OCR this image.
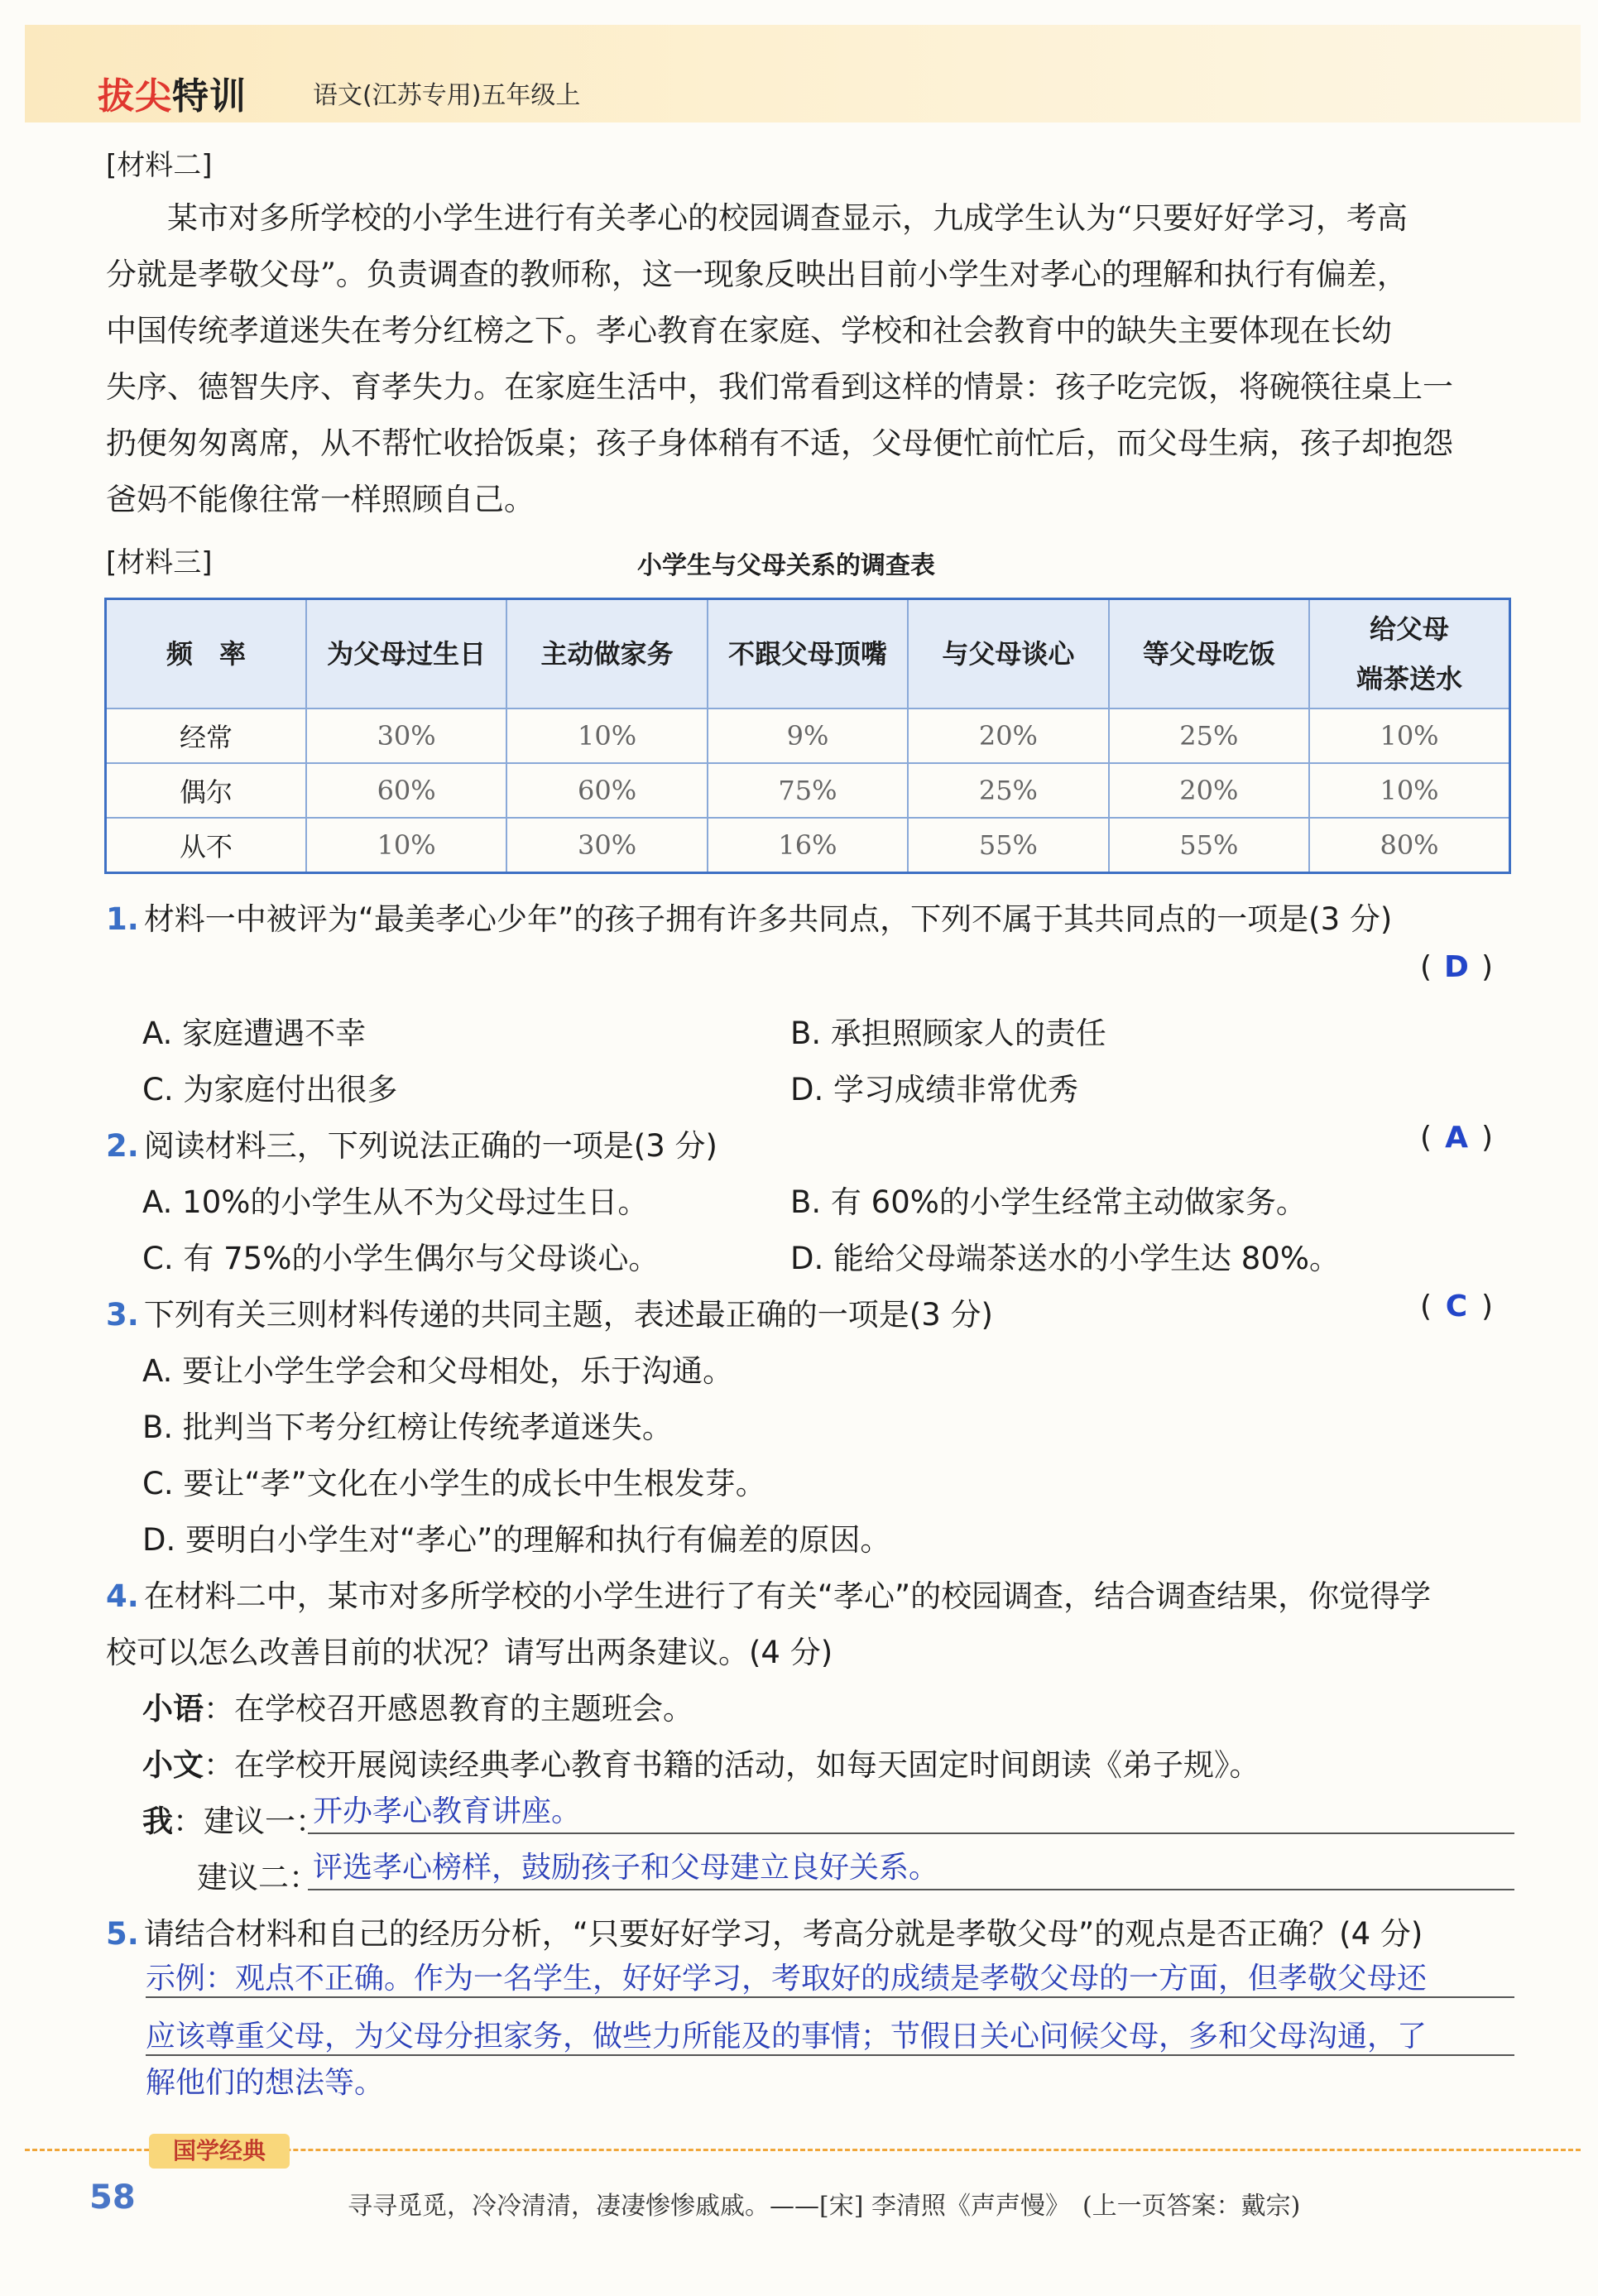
拔尖特训	语文(江苏专用)五年级上
[材料二]
　　某市对多所学校的小学生进行有关孝心的校园调查显示，九成学生认为“只要好好学习，考高
分就是孝敬父母”。负责调查的教师称，这一现象反映出目前小学生对孝心的理解和执行有偏差，
中国传统孝道迷失在考分红榜之下。孝心教育在家庭、学校和社会教育中的缺失主要体现在长幼
失序、德智失序、育孝失力。在家庭生活中，我们常看到这样的情景：孩子吃完饭，将碗筷往桌上一
扔便匆匆离席，从不帮忙收拾饭桌；孩子身体稍有不适，父母便忙前忙后，而父母生病，孩子却抱怨
爸妈不能像往常一样照顾自己。
[材料三]	小学生与父母关系的调查表
频　率	为父母过生日	主动做家务	不跟父母顶嘴	与父母谈心	等父母吃饭	给父母
端茶送水
经常	30%	10%	9%	20%	25%	10%
偶尔	60%	60%	75%	25%	20%	10%
从不	10%	30%	16%	55%	55%	80%
1. 材料一中被评为“最美孝心少年”的孩子拥有许多共同点，下列不属于其共同点的一项是(3 分)
( D )
A. 家庭遭遇不幸	B. 承担照顾家人的责任
C. 为家庭付出很多	D. 学习成绩非常优秀
2. 阅读材料三，下列说法正确的一项是(3 分)	( A )
A. 10%的小学生从不为父母过生日。	B. 有 60%的小学生经常主动做家务。
C. 有 75%的小学生偶尔与父母谈心。	D. 能给父母端茶送水的小学生达 80%。
3. 下列有关三则材料传递的共同主题，表述最正确的一项是(3 分)	( C )
A. 要让小学生学会和父母相处，乐于沟通。
B. 批判当下考分红榜让传统孝道迷失。
C. 要让“孝”文化在小学生的成长中生根发芽。
D. 要明白小学生对“孝心”的理解和执行有偏差的原因。
4. 在材料二中，某市对多所学校的小学生进行了有关“孝心”的校园调查，结合调查结果，你觉得学
校可以怎么改善目前的状况？请写出两条建议。(4 分)
小语：在学校召开感恩教育的主题班会。
小文：在学校开展阅读经典孝心教育书籍的活动，如每天固定时间朗读《弟子规》。
我：建议一：
开办孝心教育讲座。
建议二：
评选孝心榜样，鼓励孩子和父母建立良好关系。
5. 请结合材料和自己的经历分析，“只要好好学习，考高分就是孝敬父母”的观点是否正确？(4 分)
示例：观点不正确。作为一名学生，好好学习，考取好的成绩是孝敬父母的一方面，但孝敬父母还
应该尊重父母，为父母分担家务，做些力所能及的事情；节假日关心问候父母，多和父母沟通，了
解他们的想法等。
国学经典
58	寻寻觅觅，冷冷清清，凄凄惨惨戚戚。——[宋] 李清照《声声慢》　(上一页答案：戴宗)
